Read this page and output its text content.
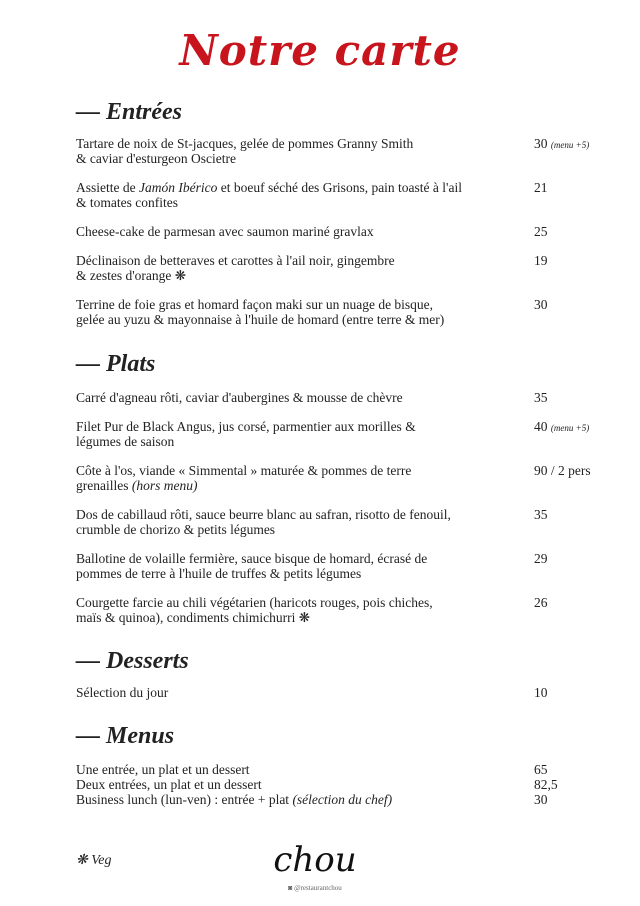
Notre carte
— Entrées
Tartare de noix de St-jacques, gelée de pommes Granny Smith
& caviar d'esturgeon Oscietre
30 (menu +5)
Assiette de Jamón Ibérico et boeuf séché des Grisons, pain toasté à l'ail
& tomates confites
21
Cheese-cake de parmesan avec saumon mariné gravlax	25
Déclinaison de betteraves et carottes à l'ail noir, gingembre
& zestes d'orange ❋
19
Terrine de foie gras et homard façon maki sur un nuage de bisque,
gelée au yuzu & mayonnaise à l'huile de homard (entre terre & mer)
30
— Plats
Carré d'agneau rôti, caviar d'aubergines & mousse de chèvre	35
Filet Pur de Black Angus, jus corsé, parmentier aux morilles &
légumes de saison
40 (menu +5)
Côte à l'os, viande « Simmental » maturée & pommes de terre
grenailles (hors menu)
90 / 2 pers
Dos de cabillaud rôti, sauce beurre blanc au safran, risotto de fenouil,
crumble de chorizo & petits légumes
35
Ballotine de volaille fermière, sauce bisque de homard, écrasé de
pommes de terre à l'huile de truffes & petits légumes
29
Courgette farcie au chili végétarien (haricots rouges, pois chiches,
maïs & quinoa), condiments chimichurri ❋
26
— Desserts
Sélection du jour	10
— Menus
Une entrée, un plat et un dessert	65
Deux entrées, un plat et un dessert	82,5
Business lunch (lun-ven) : entrée + plat (sélection du chef)	30
❋ Veg	chou
◙ @restaurantchou
